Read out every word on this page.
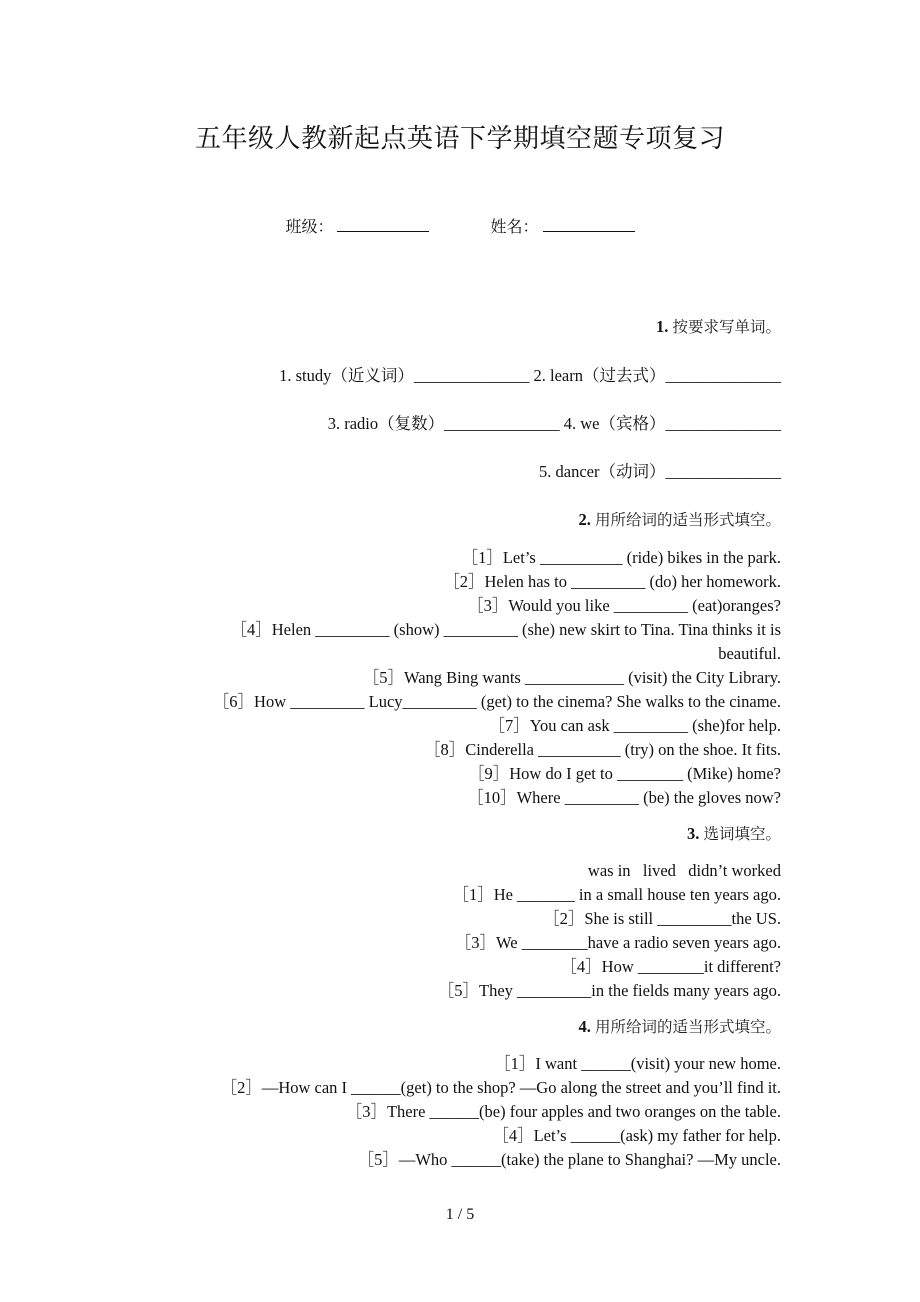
五年级人教新起点英语下学期填空题专项复习
班级：	姓名：
1. 按要求写单词。
1. study（近义词）______________ 2. learn（过去式）______________
3. radio（复数）______________ 4. we（宾格）______________
5. dancer（动词）______________
2. 用所给词的适当形式填空。
［1］Let’s __________ (ride) bikes in the park.
［2］Helen has to _________ (do) her homework.
［3］Would you like _________ (eat)oranges?
［4］Helen _________ (show) _________ (she) new skirt to Tina. Tina thinks it is
beautiful.
［5］Wang Bing wants ____________ (visit) the City Library.
［6］How _________ Lucy_________ (get) to the cinema? She walks to the ciname.
［7］You can ask _________ (she)for help.
［8］Cinderella __________ (try) on the shoe. It fits.
［9］How do I get to ________ (Mike) home?
［10］Where _________ (be) the gloves now?
3. 选词填空。
was in   lived   didn’t worked
［1］He _______ in a small house ten years ago.
［2］She is still _________the US.
［3］We ________have a radio seven years ago.
［4］How ________it different?
［5］They _________in the fields many years ago.
4. 用所给词的适当形式填空。
［1］I want ______(visit) your new home.
［2］—How can I ______(get) to the shop? —Go along the street and you’ll find it.
［3］There ______(be) four apples and two oranges on the table.
［4］Let’s ______(ask) my father for help.
［5］—Who ______(take) the plane to Shanghai? —My uncle.
1 / 5
